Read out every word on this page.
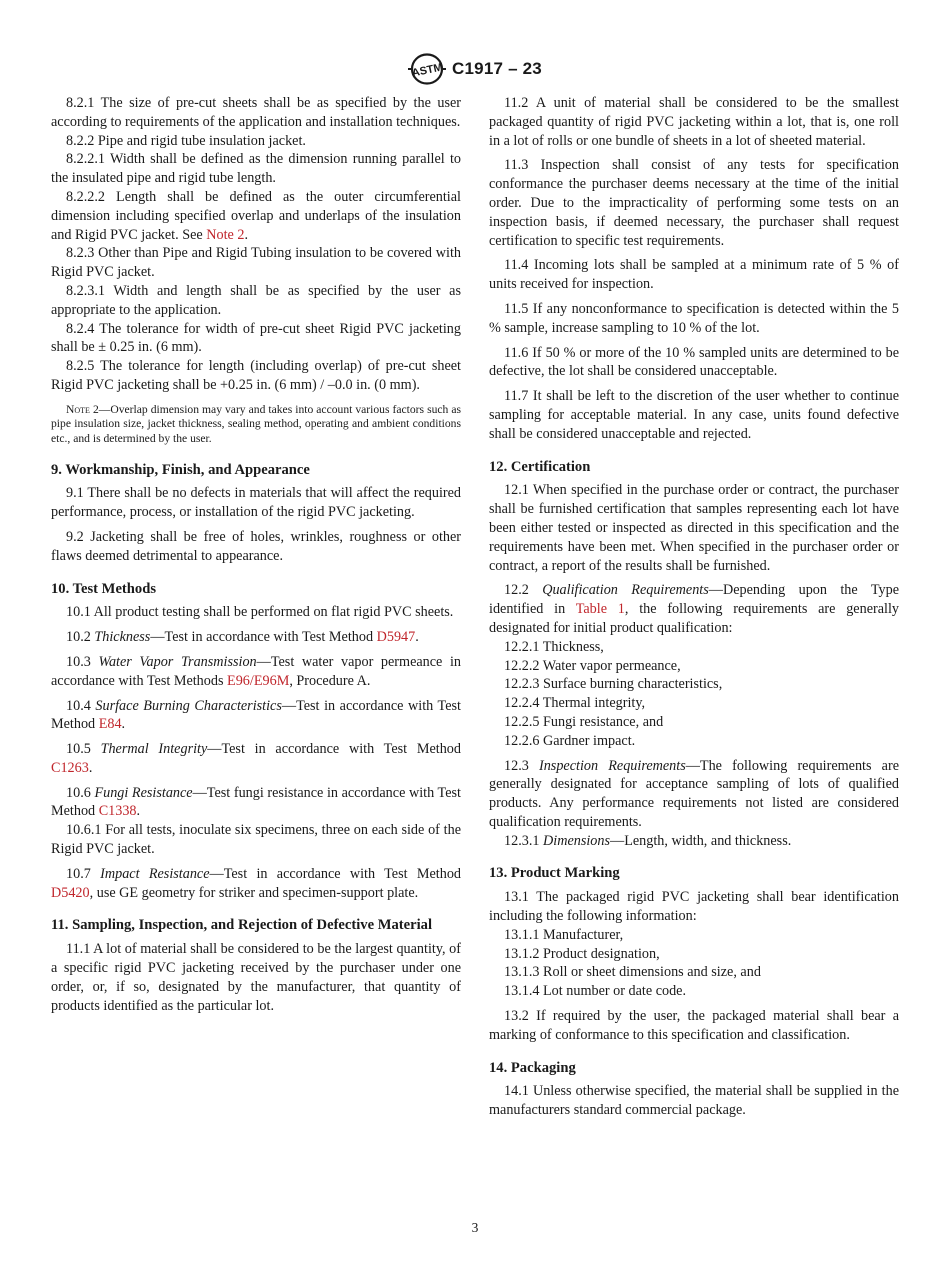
ASTM C1917 – 23

8.2.1 The size of pre-cut sheets shall be as specified by the user according to requirements of the application and installation techniques.

8.2.2 Pipe and rigid tube insulation jacket.

8.2.2.1 Width shall be defined as the dimension running parallel to the insulated pipe and rigid tube length.

8.2.2.2 Length shall be defined as the outer circumferential dimension including specified overlap and underlaps of the insulation and Rigid PVC jacket. See Note 2.

8.2.3 Other than Pipe and Rigid Tubing insulation to be covered with Rigid PVC jacket.

8.2.3.1 Width and length shall be as specified by the user as appropriate to the application.

8.2.4 The tolerance for width of pre-cut sheet Rigid PVC jacketing shall be ± 0.25 in. (6 mm).

8.2.5 The tolerance for length (including overlap) of pre-cut sheet Rigid PVC jacketing shall be +0.25 in. (6 mm) / –0.0 in. (0 mm).

Note 2—Overlap dimension may vary and takes into account various factors such as pipe insulation size, jacket thickness, sealing method, operating and ambient conditions etc., and is determined by the user.

9. Workmanship, Finish, and Appearance

9.1 There shall be no defects in materials that will affect the required performance, process, or installation of the rigid PVC jacketing.

9.2 Jacketing shall be free of holes, wrinkles, roughness or other flaws deemed detrimental to appearance.

10. Test Methods

10.1 All product testing shall be performed on flat rigid PVC sheets.

10.2 Thickness—Test in accordance with Test Method D5947.

10.3 Water Vapor Transmission—Test water vapor permeance in accordance with Test Methods E96/E96M, Procedure A.

10.4 Surface Burning Characteristics—Test in accordance with Test Method E84.

10.5 Thermal Integrity—Test in accordance with Test Method C1263.

10.6 Fungi Resistance—Test fungi resistance in accordance with Test Method C1338.

10.6.1 For all tests, inoculate six specimens, three on each side of the Rigid PVC jacket.

10.7 Impact Resistance—Test in accordance with Test Method D5420, use GE geometry for striker and specimen-support plate.

11. Sampling, Inspection, and Rejection of Defective Material

11.1 A lot of material shall be considered to be the largest quantity, of a specific rigid PVC jacketing received by the purchaser under one order, or, if so, designated by the manufacturer, that quantity of products identified as the particular lot.

11.2 A unit of material shall be considered to be the smallest packaged quantity of rigid PVC jacketing within a lot, that is, one roll in a lot of rolls or one bundle of sheets in a lot of sheeted material.

11.3 Inspection shall consist of any tests for specification conformance the purchaser deems necessary at the time of the initial order. Due to the impracticality of performing some tests on an inspection basis, if deemed necessary, the purchaser shall request certification to specific test requirements.

11.4 Incoming lots shall be sampled at a minimum rate of 5 % of units received for inspection.

11.5 If any nonconformance to specification is detected within the 5 % sample, increase sampling to 10 % of the lot.

11.6 If 50 % or more of the 10 % sampled units are determined to be defective, the lot shall be considered unacceptable.

11.7 It shall be left to the discretion of the user whether to continue sampling for acceptable material. In any case, units found defective shall be considered unacceptable and rejected.

12. Certification

12.1 When specified in the purchase order or contract, the purchaser shall be furnished certification that samples representing each lot have been either tested or inspected as directed in this specification and the requirements have been met. When specified in the purchaser order or contract, a report of the results shall be furnished.

12.2 Qualification Requirements—Depending upon the Type identified in Table 1, the following requirements are generally designated for initial product qualification:

12.2.1 Thickness,

12.2.2 Water vapor permeance,

12.2.3 Surface burning characteristics,

12.2.4 Thermal integrity,

12.2.5 Fungi resistance, and

12.2.6 Gardner impact.

12.3 Inspection Requirements—The following requirements are generally designated for acceptance sampling of lots of qualified products. Any performance requirements not listed are considered qualification requirements.

12.3.1 Dimensions—Length, width, and thickness.

13. Product Marking

13.1 The packaged rigid PVC jacketing shall bear identification including the following information:

13.1.1 Manufacturer,

13.1.2 Product designation,

13.1.3 Roll or sheet dimensions and size, and

13.1.4 Lot number or date code.

13.2 If required by the user, the packaged material shall bear a marking of conformance to this specification and classification.

14. Packaging

14.1 Unless otherwise specified, the material shall be supplied in the manufacturers standard commercial package.

3
